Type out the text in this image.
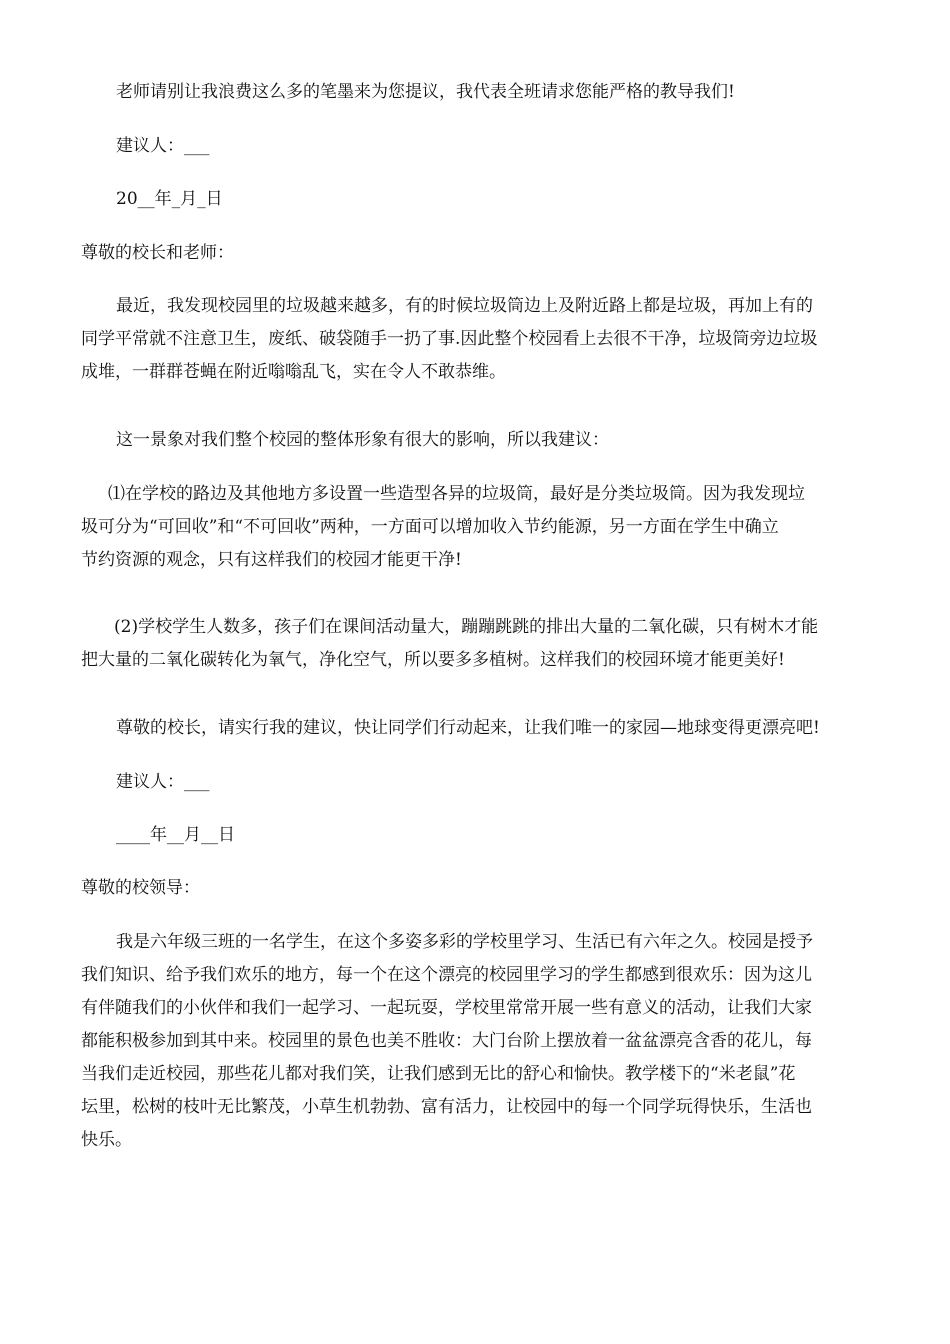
老师请别让我浪费这么多的笔墨来为您提议，我代表全班请求您能严格的教导我们!

建议人：___

20__年_月_日

尊敬的校长和老师：

最近，我发现校园里的垃圾越来越多，有的时候垃圾筒边上及附近路上都是垃圾，再加上有的
同学平常就不注意卫生，废纸、破袋随手一扔了事.因此整个校园看上去很不干净，垃圾筒旁边垃圾
成堆，一群群苍蝇在附近嗡嗡乱飞，实在令人不敢恭维。

这一景象对我们整个校园的整体形象有很大的影响，所以我建议：

⑴在学校的路边及其他地方多设置一些造型各异的垃圾筒，最好是分类垃圾筒。因为我发现垃
圾可分为“可回收”和“不可回收”两种，一方面可以增加收入节约能源，另一方面在学生中确立
节约资源的观念，只有这样我们的校园才能更干净!

(2)学校学生人数多，孩子们在课间活动量大，蹦蹦跳跳的排出大量的二氧化碳，只有树木才能
把大量的二氧化碳转化为氧气，净化空气，所以要多多植树。这样我们的校园环境才能更美好!

尊敬的校长，请实行我的建议，快让同学们行动起来，让我们唯一的家园—地球变得更漂亮吧!

建议人：___

____年__月__日

尊敬的校领导：

我是六年级三班的一名学生，在这个多姿多彩的学校里学习、生活已有六年之久。校园是授予
我们知识、给予我们欢乐的地方，每一个在这个漂亮的校园里学习的学生都感到很欢乐：因为这儿
有伴随我们的小伙伴和我们一起学习、一起玩耍，学校里常常开展一些有意义的活动，让我们大家
都能积极参加到其中来。校园里的景色也美不胜收：大门台阶上摆放着一盆盆漂亮含香的花儿，每
当我们走近校园，那些花儿都对我们笑，让我们感到无比的舒心和愉快。教学楼下的“米老鼠”花
坛里，松树的枝叶无比繁茂，小草生机勃勃、富有活力，让校园中的每一个同学玩得快乐，生活也
快乐。
